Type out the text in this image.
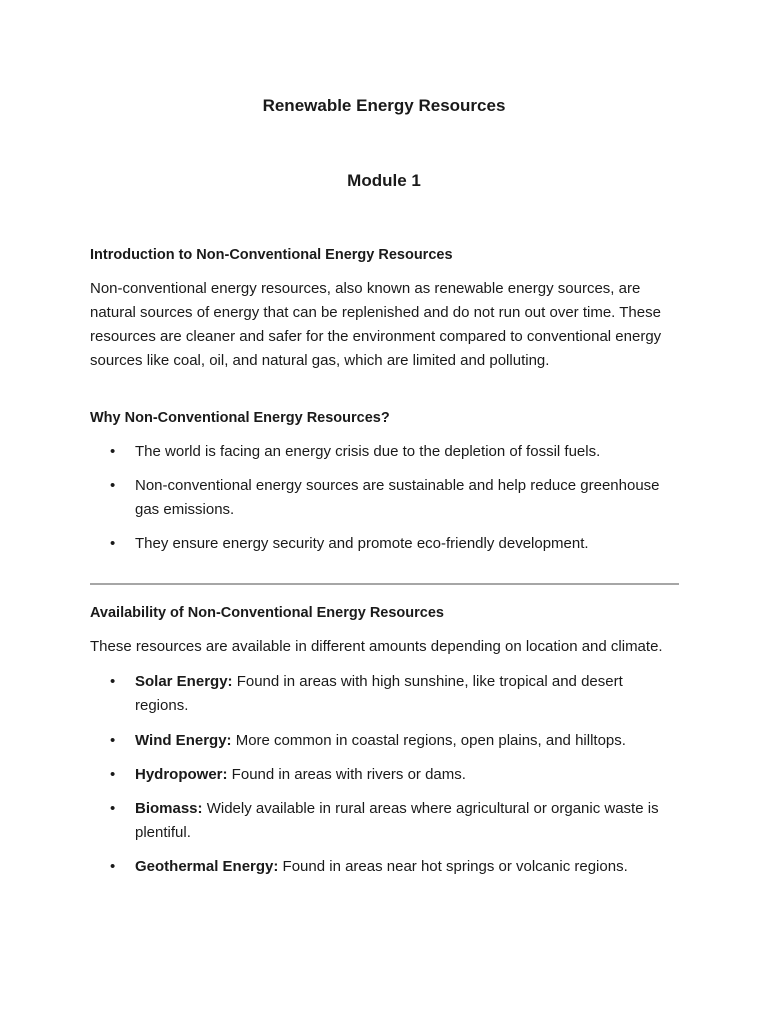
Renewable Energy Resources
Module 1
Introduction to Non-Conventional Energy Resources

Non-conventional energy resources, also known as renewable energy sources, are natural sources of energy that can be replenished and do not run out over time. These resources are cleaner and safer for the environment compared to conventional energy sources like coal, oil, and natural gas, which are limited and polluting.

Why Non-Conventional Energy Resources?
• The world is facing an energy crisis due to the depletion of fossil fuels.
• Non-conventional energy sources are sustainable and help reduce greenhouse gas emissions.
• They ensure energy security and promote eco-friendly development.
Availability of Non-Conventional Energy Resources

These resources are available in different amounts depending on location and climate.

• Solar Energy: Found in areas with high sunshine, like tropical and desert regions.
• Wind Energy: More common in coastal regions, open plains, and hilltops.
• Hydropower: Found in areas with rivers or dams.
• Biomass: Widely available in rural areas where agricultural or organic waste is plentiful.
• Geothermal Energy: Found in areas near hot springs or volcanic regions.
